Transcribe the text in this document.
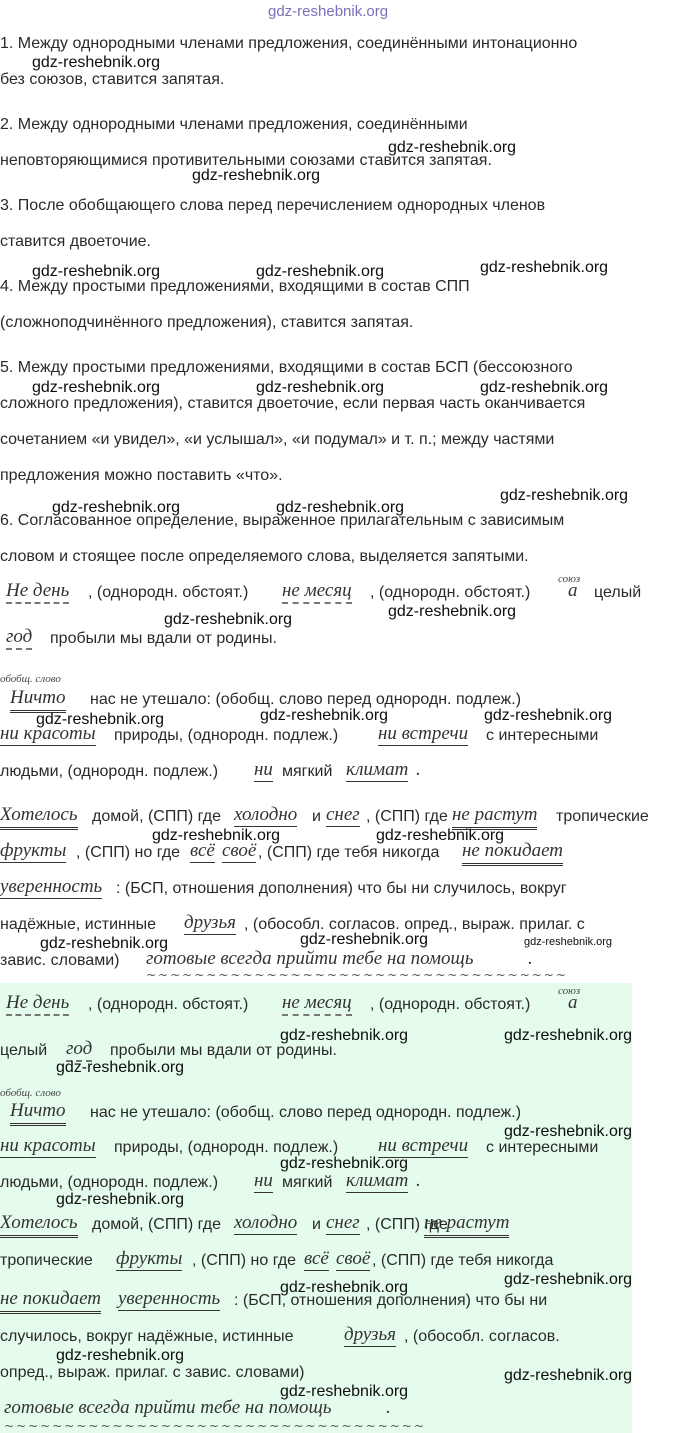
gdz-reshebnik.org
1. Между однородными членами предложения, соединёнными интонационно
без союзов, ставится запятая.
2. Между однородными членами предложения, соединёнными
неповторяющимися противительными союзами ставится запятая.
3. После обобщающего слова перед перечислением однородных членов
ставится двоеточие.
4. Между простыми предложениями, входящими в состав СПП
(сложноподчинённого предложения), ставится запятая.
5. Между простыми предложениями, входящими в состав БСП (бессоюзного
сложного предложения), ставится двоеточие, если первая часть оканчивается
сочетанием «и увидел», «и услышал», «и подумал» и т. п.; между частями
предложения можно поставить «что».
6. Согласованное определение, выраженное прилагательным с зависимым
словом и стоящее после определяемого слова, выделяется запятыми.
Не день , (однородн. обстоят.) не месяц , (однородн. обстоят.)
союз
а целый
год пробыли мы вдали от родины.
обобщ. слово
Ничто нас не утешало: (обобщ. слово перед однородн. подлеж.)
ни красоты природы, (однородн. подлеж.) ни встречи с интересными
людьми, (однородн. подлеж.) ни мягкий климат .
Хотелось домой, (СПП) где холодно и снег , (СПП) где не растут тропические
фрукты , (СПП) но где всё своё , (СПП) где тебя никогда не покидает
уверенность : (БСП, отношения дополнения) что бы ни случилось, вокруг
надёжные, истинные друзья , (обособл. согласов. опред., выраж. прилаг. с
завис. словами) готовые всегда прийти тебе на помощь	.
~~~~~~~~~~~~~~~~~~~~~~~~~~~~~~~~~~~
Не день , (однородн. обстоят.) не месяц , (однородн. обстоят.)
союз
а
целый год пробыли мы вдали от родины.
обобщ. слово
Ничто нас не утешало: (обобщ. слово перед однородн. подлеж.)
ни красоты природы, (однородн. подлеж.) ни встречи с интересными
людьми, (однородн. подлеж.) ни мягкий климат .
Хотелось домой, (СПП) где холодно и снег , (СПП) где
не растут
тропические фрукты , (СПП) но где всё своё , (СПП) где тебя никогда
не покидает уверенность : (БСП, отношения дополнения) что бы ни
случилось, вокруг надёжные, истинные	друзья , (обособл. согласов.
опред., выраж. прилаг. с завис. словами)
готовые всегда прийти тебе на помощь	.
~~~~~~~~~~~~~~~~~~~~~~~~~~~~~~~~~~~
gdz-reshebnik.org
gdz-reshebnik.org
gdz-reshebnik.org
gdz-reshebnik.org	gdz-reshebnik.org	gdz-reshebnik.org
gdz-reshebnik.org	gdz-reshebnik.org	gdz-reshebnik.org
gdz-reshebnik.org	gdz-reshebnik.org
gdz-reshebnik.org
gdz-reshebnik.org	gdz-reshebnik.org
gdz-reshebnik.org	gdz-reshebnik.org	gdz-reshebnik.org
gdz-reshebnik.org	gdz-reshebnik.org
gdz-reshebnik.org	gdz-reshebnik.org	gdz-reshebnik.org
gdz-reshebnik.org	gdz-reshebnik.org
gdz-reshebnik.org
gdz-reshebnik.org
gdz-reshebnik.org
gdz-reshebnik.org
gdz-reshebnik.org
gdz-reshebnik.org
gdz-reshebnik.org
gdz-reshebnik.org
gdz-reshebnik.org
